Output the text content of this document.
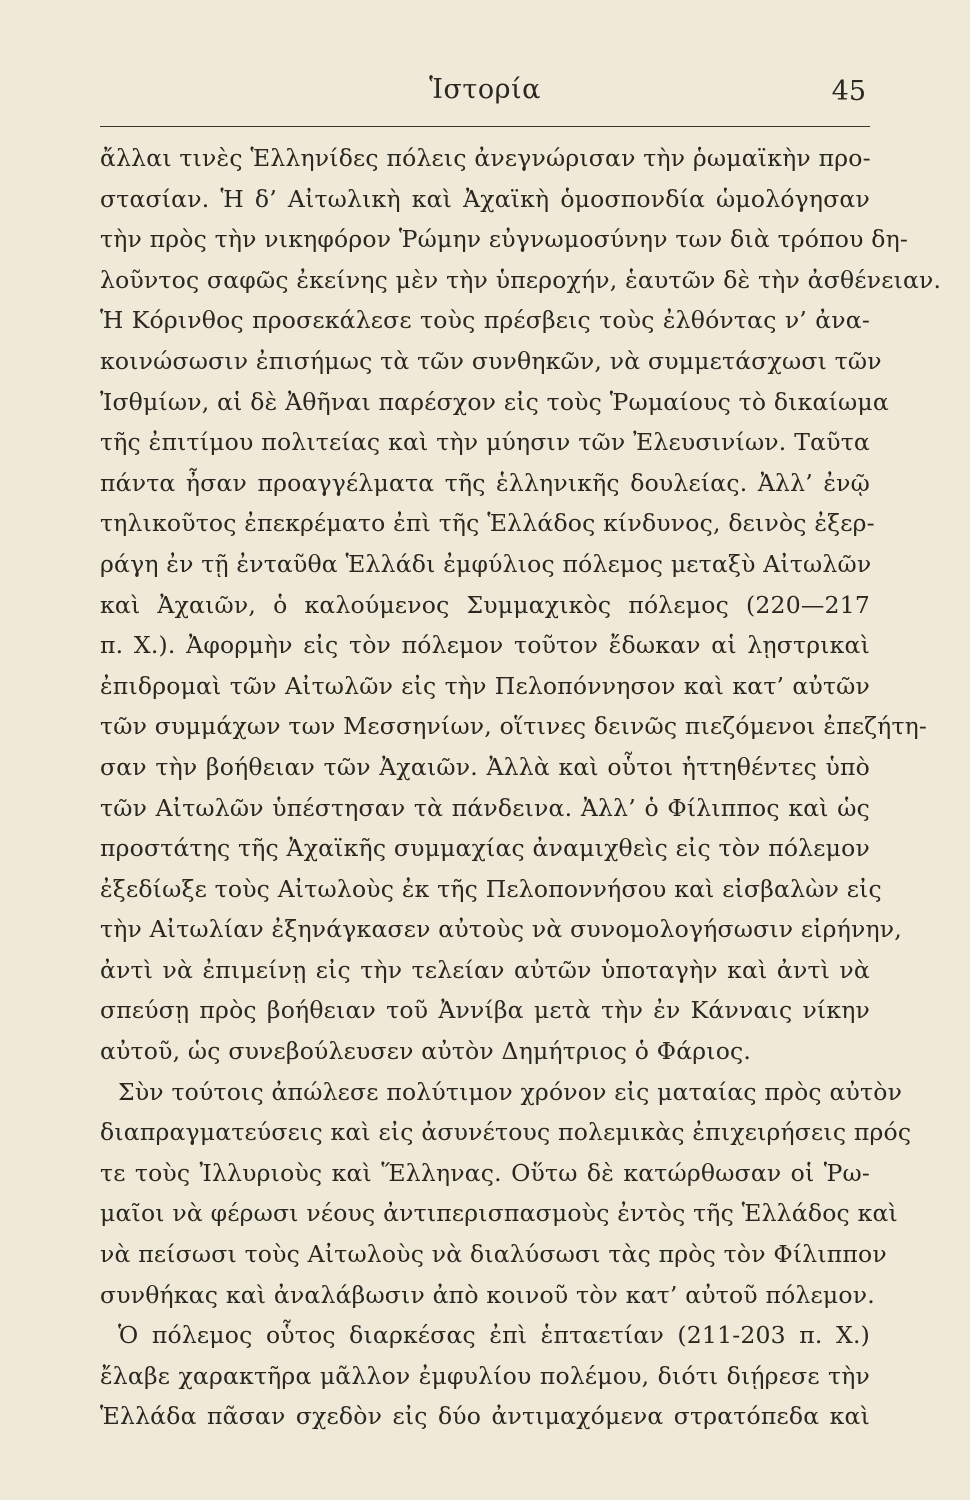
Ἱστορία	45
ἄλλαι τινὲς Ἑλληνίδες πόλεις ἀνεγνώρισαν τὴν ῥωμαϊκὴν προ-
στασίαν. Ἡ δ’ Αἰτωλικὴ καὶ Ἀχαϊκὴ ὁμοσπονδία ὡμολόγησαν
τὴν πρὸς τὴν νικηφόρον Ῥώμην εὐγνωμοσύνην των διὰ τρόπου δη-
λοῦντος σαφῶς ἐκείνης μὲν τὴν ὑπεροχήν, ἑαυτῶν δὲ τὴν ἀσθένειαν.
Ἡ Κόρινθος προσεκάλεσε τοὺς πρέσβεις τοὺς ἐλθόντας ν’ ἀνα-
κοινώσωσιν ἐπισήμως τὰ τῶν συνθηκῶν, νὰ συμμετάσχωσι τῶν
Ἰσθμίων, αἱ δὲ Ἀθῆναι παρέσχον εἰς τοὺς Ῥωμαίους τὸ δικαίωμα
τῆς ἐπιτίμου πολιτείας καὶ τὴν μύησιν τῶν Ἐλευσινίων. Ταῦτα
πάντα ἦσαν προαγγέλματα τῆς ἑλληνικῆς δουλείας. Ἀλλ’ ἐνῷ
τηλικοῦτος ἐπεκρέματο ἐπὶ τῆς Ἑλλάδος κίνδυνος, δεινὸς ἐξερ-
ράγη ἐν τῇ ἐνταῦθα Ἑλλάδι ἐμφύλιος πόλεμος μεταξὺ Αἰτωλῶν
καὶ Ἀχαιῶν, ὁ καλούμενος Συμμαχικὸς πόλεμος (220—217
π. Χ.). Ἀφορμὴν εἰς τὸν πόλεμον τοῦτον ἔδωκαν αἱ λῃστρικαὶ
ἐπιδρομαὶ τῶν Αἰτωλῶν εἰς τὴν Πελοπόννησον καὶ κατ’ αὐτῶν
τῶν συμμάχων των Μεσσηνίων, οἵτινες δεινῶς πιεζόμενοι ἐπεζήτη-
σαν τὴν βοήθειαν τῶν Ἀχαιῶν. Ἀλλὰ καὶ οὗτοι ἡττηθέντες ὑπὸ
τῶν Αἰτωλῶν ὑπέστησαν τὰ πάνδεινα. Ἀλλ’ ὁ Φίλιππος καὶ ὡς
προστάτης τῆς Ἀχαϊκῆς συμμαχίας ἀναμιχθεὶς εἰς τὸν πόλεμον
ἐξεδίωξε τοὺς Αἰτωλοὺς ἐκ τῆς Πελοποννήσου καὶ εἰσβαλὼν εἰς
τὴν Αἰτωλίαν ἐξηνάγκασεν αὐτοὺς νὰ συνομολογήσωσιν εἰρήνην,
ἀντὶ νὰ ἐπιμείνῃ εἰς τὴν τελείαν αὐτῶν ὑποταγὴν καὶ ἀντὶ νὰ
σπεύσῃ πρὸς βοήθειαν τοῦ Ἀννίβα μετὰ τὴν ἐν Κάνναις νίκην
αὐτοῦ, ὡς συνεβούλευσεν αὐτὸν Δημήτριος ὁ Φάριος.
Σὺν τούτοις ἀπώλεσε πολύτιμον χρόνον εἰς ματαίας πρὸς αὐτὸν
διαπραγματεύσεις καὶ εἰς ἀσυνέτους πολεμικὰς ἐπιχειρήσεις πρός
τε τοὺς Ἰλλυριοὺς καὶ Ἕλληνας. Οὕτω δὲ κατώρθωσαν οἱ Ῥω-
μαῖοι νὰ φέρωσι νέους ἀντιπερισπασμοὺς ἐντὸς τῆς Ἑλλάδος καὶ
νὰ πείσωσι τοὺς Αἰτωλοὺς νὰ διαλύσωσι τὰς πρὸς τὸν Φίλιππον
συνθήκας καὶ ἀναλάβωσιν ἀπὸ κοινοῦ τὸν κατ’ αὐτοῦ πόλεμον.
Ὁ πόλεμος οὗτος διαρκέσας ἐπὶ ἑπταετίαν (211-203 π. Χ.)
ἔλαβε χαρακτῆρα μᾶλλον ἐμφυλίου πολέμου, διότι διῄρεσε τὴν
Ἑλλάδα πᾶσαν σχεδὸν εἰς δύο ἀντιμαχόμενα στρατόπεδα καὶ
